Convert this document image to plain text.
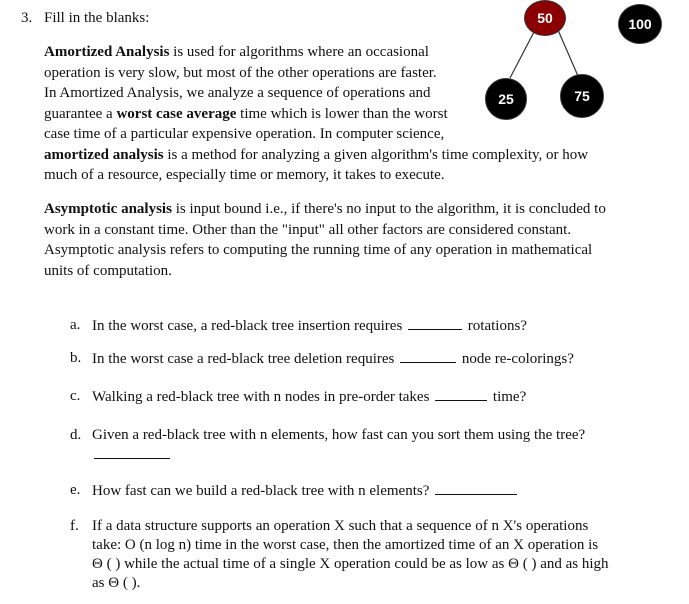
3. Fill in the blanks:	50
25	75
100
Amortized Analysis is used for algorithms where an occasional
operation is very slow, but most of the other operations are faster.
In Amortized Analysis, we analyze a sequence of operations and
guarantee a worst case average time which is lower than the worst
case time of a particular expensive operation. In computer science,
amortized analysis is a method for analyzing a given algorithm's time complexity, or how
much of a resource, especially time or memory, it takes to execute.
Asymptotic analysis is input bound i.e., if there's no input to the algorithm, it is concluded to
work in a constant time. Other than the "input" all other factors are considered constant.
Asymptotic analysis refers to computing the running time of any operation in mathematical
units of computation.
a. In the worst case, a red-black tree insertion requires	rotations?
b. In the worst case a red-black tree deletion requires	node re-colorings?
c. Walking a red-black tree with n nodes in pre-order takes	time?
d. Given a red-black tree with n elements, how fast can you sort them using the tree?
e. How fast can we build a red-black tree with n elements?
f. If a data structure supports an operation X such that a sequence of n X's operations
take: O (n log n) time in the worst case, then the amortized time of an X operation is
Θ ( ) while the actual time of a single X operation could be as low as Θ ( ) and as high
as Θ ( ).
